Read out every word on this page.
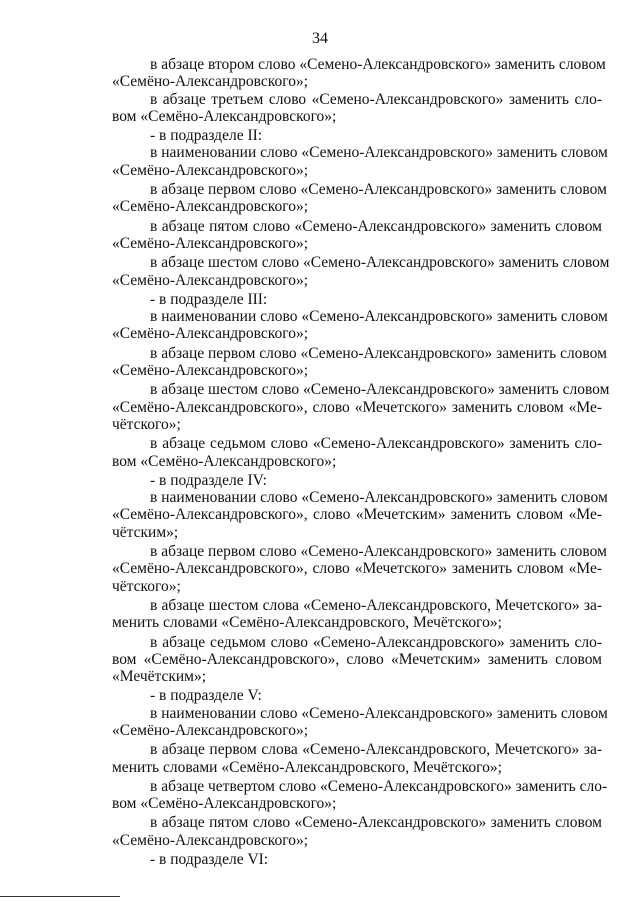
34
в абзаце втором слово «Семено-Александровского» заменить словом
«Семёно-Александровского»;
в абзаце третьем слово «Семено-Александровского» заменить сло-
вом «Семёно-Александровского»;
- в подразделе II:
в наименовании слово «Семено-Александровского» заменить словом
«Семёно-Александровского»;
в абзаце первом слово «Семено-Александровского» заменить словом
«Семёно-Александровского»;
в абзаце пятом слово «Семено-Александровского» заменить словом
«Семёно-Александровского»;
в абзаце шестом слово «Семено-Александровского» заменить словом
«Семёно-Александровского»;
- в подразделе III:
в наименовании слово «Семено-Александровского» заменить словом
«Семёно-Александровского»;
в абзаце первом слово «Семено-Александровского» заменить словом
«Семёно-Александровского»;
в абзаце шестом слово «Семено-Александровского» заменить словом
«Семёно-Александровского», слово «Мечетского» заменить словом «Ме-
чётского»;
в абзаце седьмом слово «Семено-Александровского» заменить сло-
вом «Семёно-Александровского»;
- в подразделе IV:
в наименовании слово «Семено-Александровского» заменить словом
«Семёно-Александровского», слово «Мечетским» заменить словом «Ме-
чётским»;
в абзаце первом слово «Семено-Александровского» заменить словом
«Семёно-Александровского», слово «Мечетского» заменить словом «Ме-
чётского»;
в абзаце шестом слова «Семено-Александровского, Мечетского» за-
менить словами «Семёно-Александровского, Мечётского»;
в абзаце седьмом слово «Семено-Александровского» заменить сло-
вом «Семёно-Александровского», слово «Мечетским» заменить словом
«Мечётским»;
- в подразделе V:
в наименовании слово «Семено-Александровского» заменить словом
«Семёно-Александровского»;
в абзаце первом слова «Семено-Александровского, Мечетского» за-
менить словами «Семёно-Александровского, Мечётского»;
в абзаце четвертом слово «Семено-Александровского» заменить сло-
вом «Семёно-Александровского»;
в абзаце пятом слово «Семено-Александровского» заменить словом
«Семёно-Александровского»;
- в подразделе VI:
